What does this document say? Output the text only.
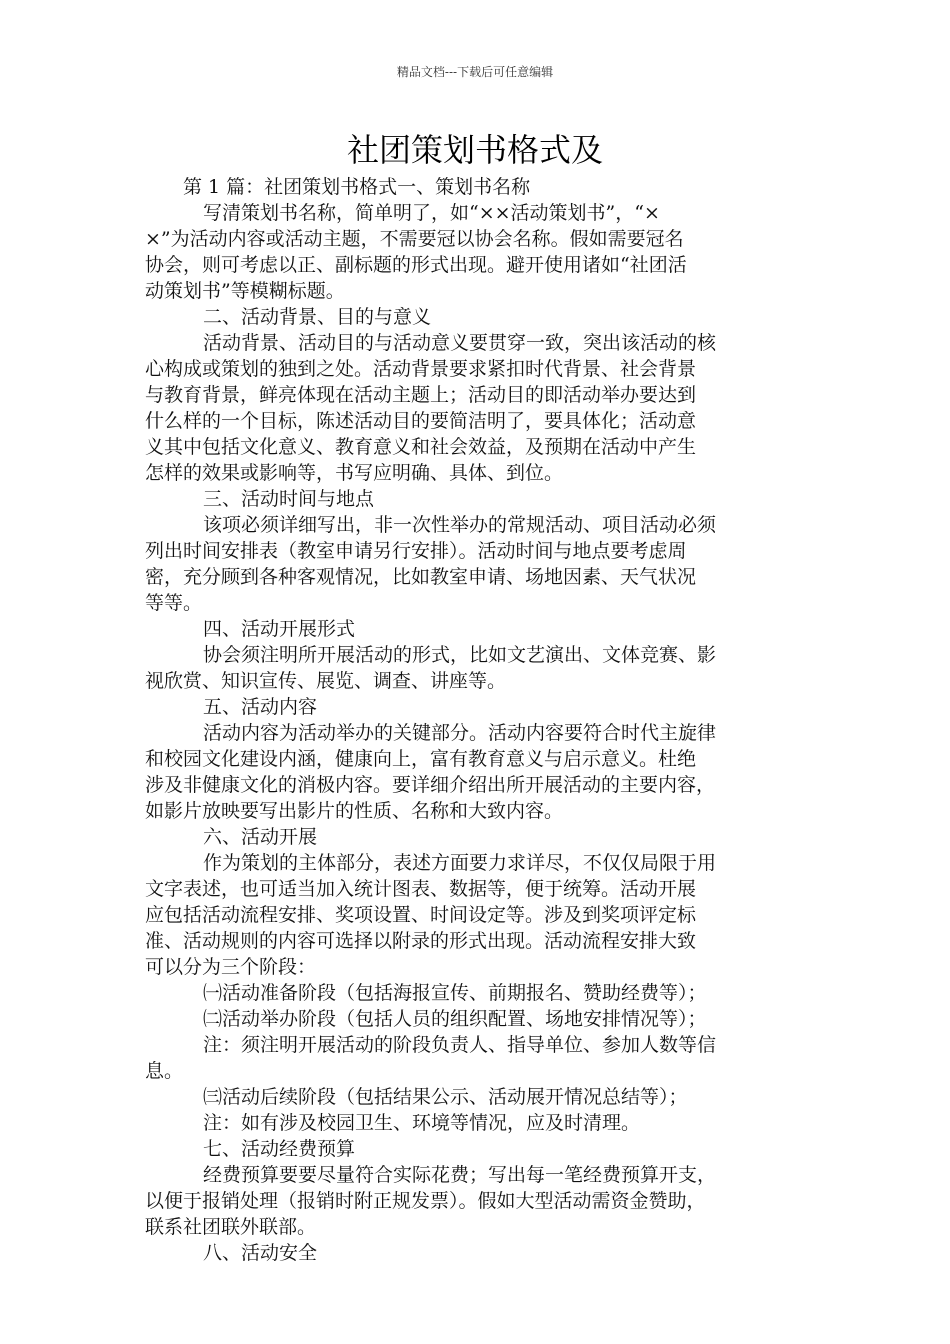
精品文档---下载后可任意编辑
社团策划书格式及
第 1 篇：社团策划书格式一、策划书名称
写清策划书名称，简单明了，如“××活动策划书”，“×
×”为活动内容或活动主题，不需要冠以协会名称。假如需要冠名
协会，则可考虑以正、副标题的形式出现。避开使用诸如“社团活
动策划书”等模糊标题。
二、活动背景、目的与意义
活动背景、活动目的与活动意义要贯穿一致，突出该活动的核
心构成或策划的独到之处。活动背景要求紧扣时代背景、社会背景
与教育背景，鲜亮体现在活动主题上；活动目的即活动举办要达到
什么样的一个目标，陈述活动目的要简洁明了，要具体化；活动意
义其中包括文化意义、教育意义和社会效益，及预期在活动中产生
怎样的效果或影响等，书写应明确、具体、到位。
三、活动时间与地点
该项必须详细写出，非一次性举办的常规活动、项目活动必须
列出时间安排表（教室申请另行安排）。活动时间与地点要考虑周
密，充分顾到各种客观情况，比如教室申请、场地因素、天气状况
等等。
四、活动开展形式
协会须注明所开展活动的形式，比如文艺演出、文体竞赛、影
视欣赏、知识宣传、展览、调查、讲座等。
五、活动内容
活动内容为活动举办的关键部分。活动内容要符合时代主旋律
和校园文化建设内涵，健康向上，富有教育意义与启示意义。杜绝
涉及非健康文化的消极内容。要详细介绍出所开展活动的主要内容，
如影片放映要写出影片的性质、名称和大致内容。
六、活动开展
作为策划的主体部分，表述方面要力求详尽，不仅仅局限于用
文字表述，也可适当加入统计图表、数据等，便于统筹。活动开展
应包括活动流程安排、奖项设置、时间设定等。涉及到奖项评定标
准、活动规则的内容可选择以附录的形式出现。活动流程安排大致
可以分为三个阶段：
㈠活动准备阶段（包括海报宣传、前期报名、赞助经费等）；
㈡活动举办阶段（包括人员的组织配置、场地安排情况等）；
注：须注明开展活动的阶段负责人、指导单位、参加人数等信
息。
㈢活动后续阶段（包括结果公示、活动展开情况总结等）；
注：如有涉及校园卫生、环境等情况，应及时清理。
七、活动经费预算
经费预算要要尽量符合实际花费；写出每一笔经费预算开支，
以便于报销处理（报销时附正规发票）。假如大型活动需资金赞助，
联系社团联外联部。
八、活动安全
